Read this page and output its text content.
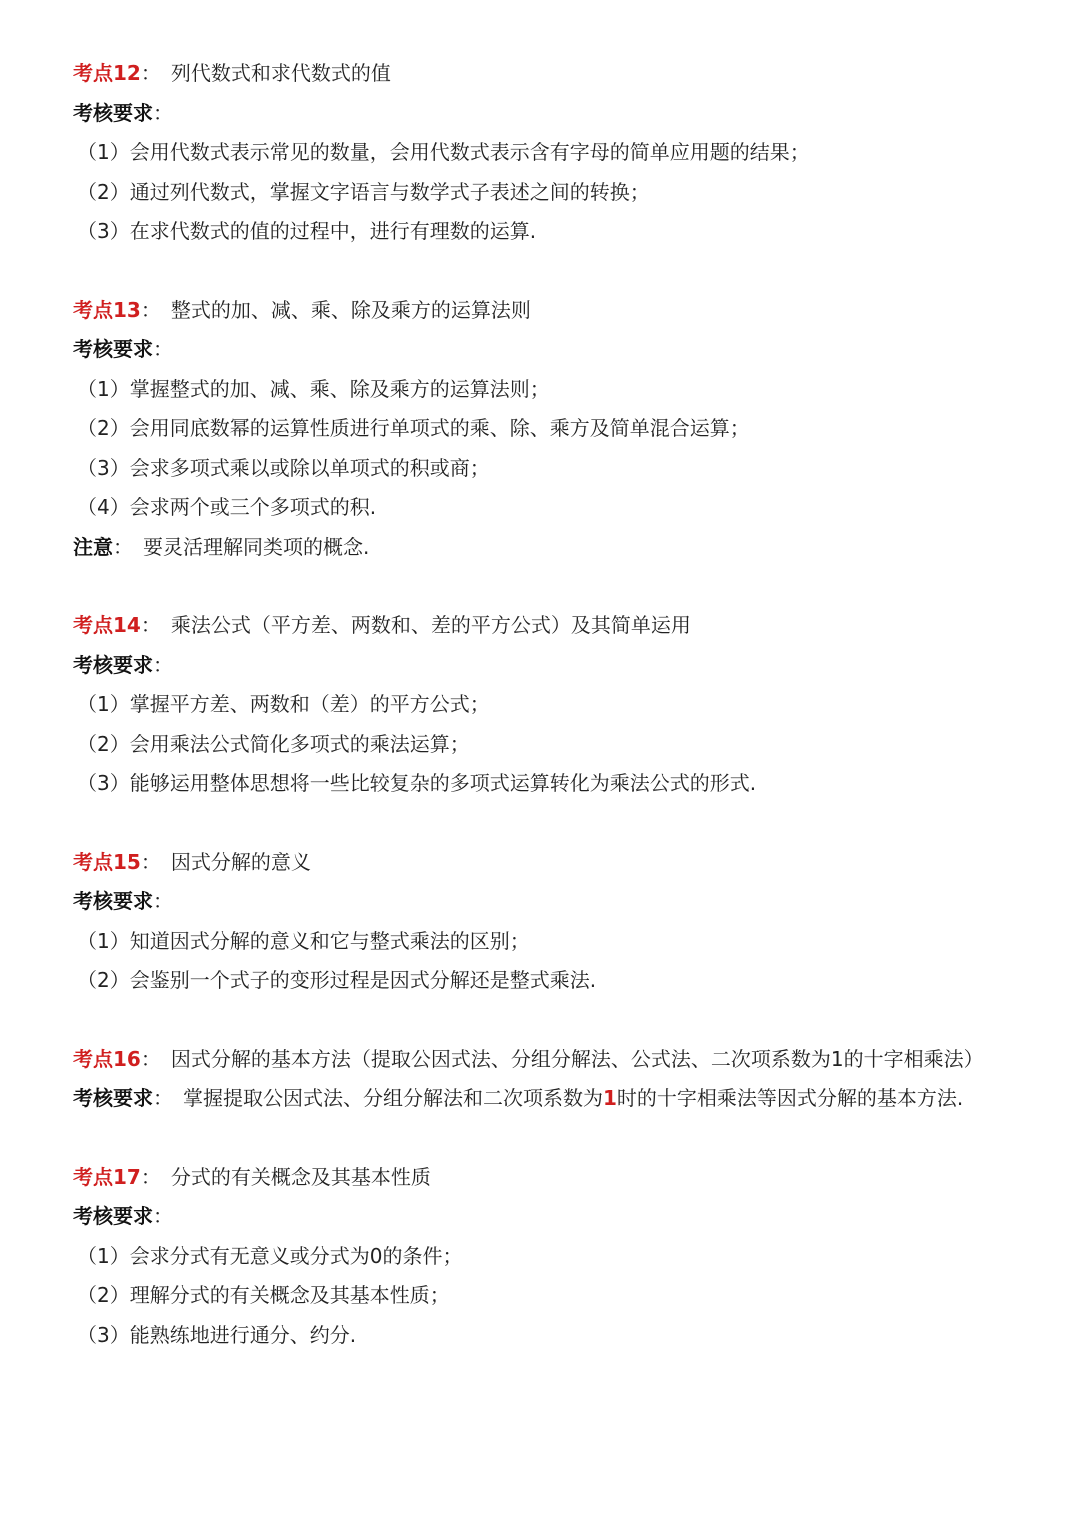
考点12： 列代数式和求代数式的值
考核要求：
（1）会用代数式表示常见的数量，会用代数式表示含有字母的简单应用题的结果；
（2）通过列代数式，掌握文字语言与数学式子表述之间的转换；
（3）在求代数式的值的过程中，进行有理数的运算.
考点13： 整式的加、减、乘、除及乘方的运算法则
考核要求：
（1）掌握整式的加、减、乘、除及乘方的运算法则；
（2）会用同底数幂的运算性质进行单项式的乘、除、乘方及简单混合运算；
（3）会求多项式乘以或除以单项式的积或商；
（4）会求两个或三个多项式的积.
注意： 要灵活理解同类项的概念.
考点14： 乘法公式（平方差、两数和、差的平方公式）及其简单运用
考核要求：
（1）掌握平方差、两数和（差）的平方公式；
（2）会用乘法公式简化多项式的乘法运算；
（3）能够运用整体思想将一些比较复杂的多项式运算转化为乘法公式的形式.
考点15： 因式分解的意义
考核要求：
（1）知道因式分解的意义和它与整式乘法的区别；
（2）会鉴别一个式子的变形过程是因式分解还是整式乘法.
考点16： 因式分解的基本方法（提取公因式法、分组分解法、公式法、二次项系数为1的十字相乘法）
考核要求： 掌握提取公因式法、分组分解法和二次项系数为1时的十字相乘法等因式分解的基本方法.
考点17： 分式的有关概念及其基本性质
考核要求：
（1）会求分式有无意义或分式为0的条件；
（2）理解分式的有关概念及其基本性质；
（3）能熟练地进行通分、约分.
